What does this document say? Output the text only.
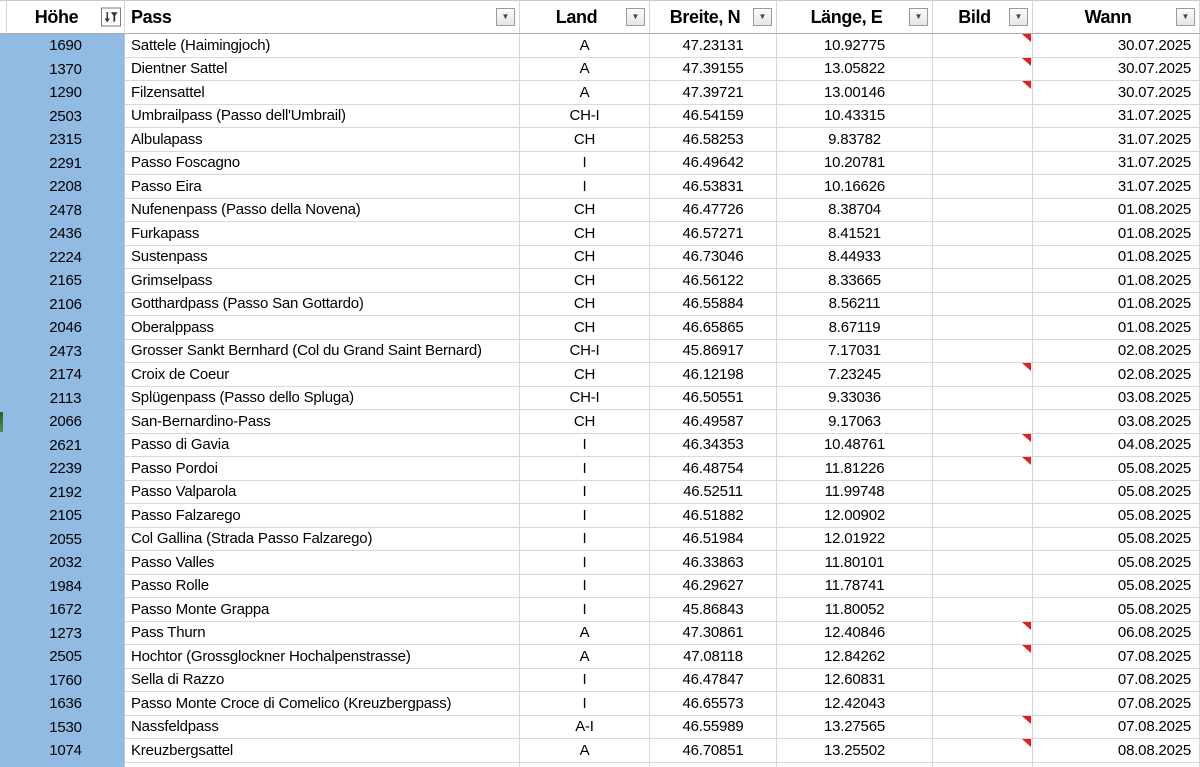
Höhe	Pass	▼	Land	▼ Breite, N ▼ Länge, E	▼ Bild	▼	Wann	▼
1690	Sattele (Haimingjoch)	A	47.23131	10.92775	30.07.2025
1370	Dientner Sattel	A	47.39155	13.05822	30.07.2025
1290	Filzensattel	A	47.39721	13.00146	30.07.2025
2503	Umbrailpass (Passo dell'Umbrail)	CH-I	46.54159	10.43315	31.07.2025
2315	Albulapass	CH	46.58253	9.83782	31.07.2025
2291	Passo Foscagno	I	46.49642	10.20781	31.07.2025
2208	Passo Eira	I	46.53831	10.16626	31.07.2025
2478	Nufenenpass (Passo della Novena)	CH	46.47726	8.38704	01.08.2025
2436	Furkapass	CH	46.57271	8.41521	01.08.2025
2224	Sustenpass	CH	46.73046	8.44933	01.08.2025
2165	Grimselpass	CH	46.56122	8.33665	01.08.2025
2106	Gotthardpass (Passo San Gottardo)	CH	46.55884	8.56211	01.08.2025
2046	Oberalppass	CH	46.65865	8.67119	01.08.2025
2473	Grosser Sankt Bernhard (Col du Grand Saint Bernard)	CH-I	45.86917	7.17031	02.08.2025
2174	Croix de Coeur	CH	46.12198	7.23245	02.08.2025
2113	Splügenpass (Passo dello Spluga)	CH-I	46.50551	9.33036	03.08.2025
2066	San-Bernardino-Pass	CH	46.49587	9.17063	03.08.2025
2621	Passo di Gavia	I	46.34353	10.48761	04.08.2025
2239	Passo Pordoi	I	46.48754	11.81226	05.08.2025
2192	Passo Valparola	I	46.52511	11.99748	05.08.2025
2105	Passo Falzarego	I	46.51882	12.00902	05.08.2025
2055	Col Gallina (Strada Passo Falzarego)	I	46.51984	12.01922	05.08.2025
2032	Passo Valles	I	46.33863	11.80101	05.08.2025
1984	Passo Rolle	I	46.29627	11.78741	05.08.2025
1672	Passo Monte Grappa	I	45.86843	11.80052	05.08.2025
1273	Pass Thurn	A	47.30861	12.40846	06.08.2025
2505	Hochtor (Grossglockner Hochalpenstrasse)	A	47.08118	12.84262	07.08.2025
1760	Sella di Razzo	I	46.47847	12.60831	07.08.2025
1636	Passo Monte Croce di Comelico (Kreuzbergpass)	I	46.65573	12.42043	07.08.2025
1530	Nassfeldpass	A-I	46.55989	13.27565	07.08.2025
1074	Kreuzbergsattel	A	46.70851	13.25502	08.08.2025
